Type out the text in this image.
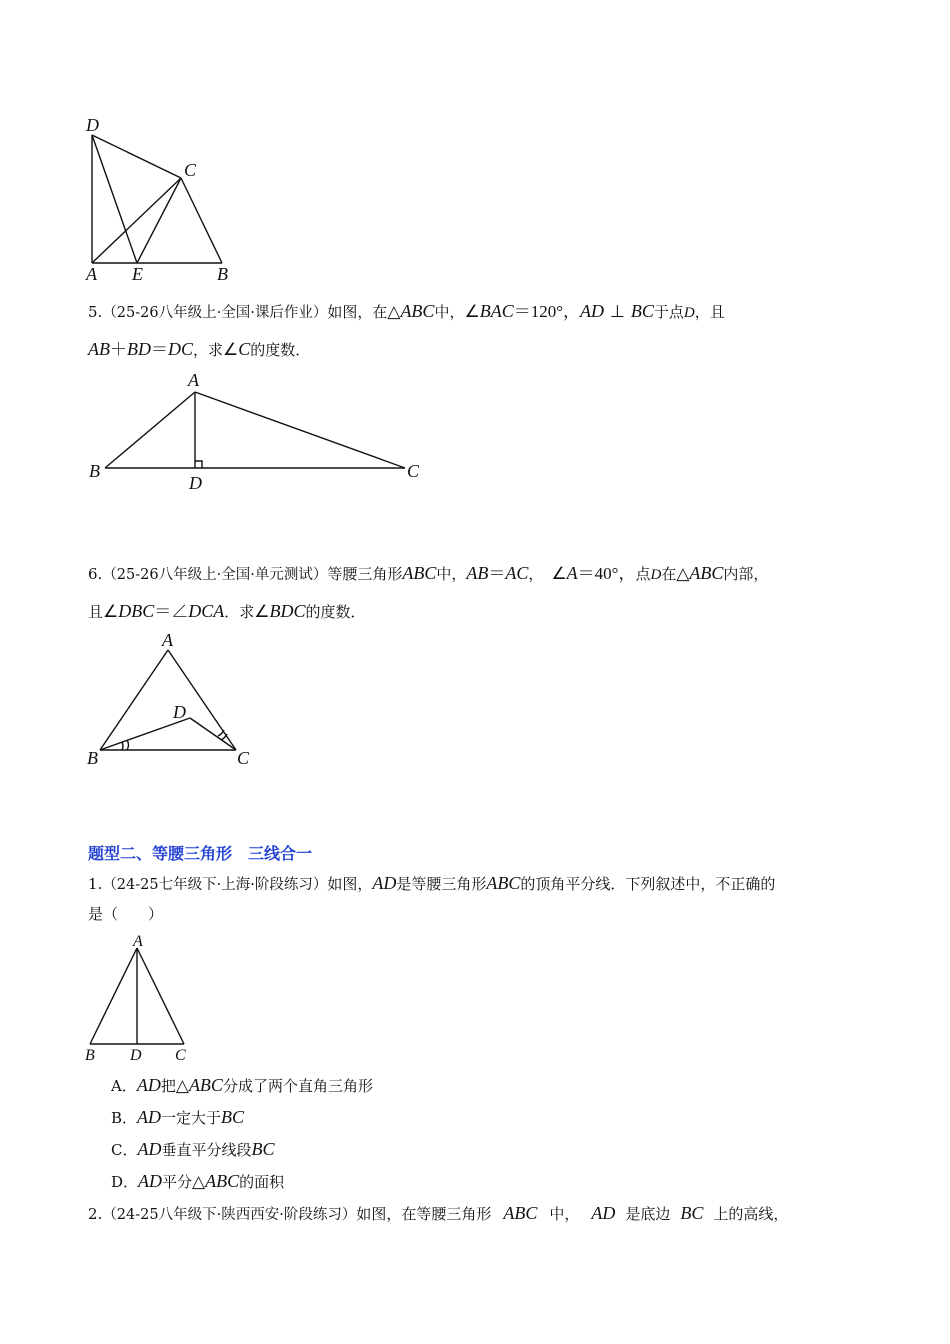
D
C
A E	B
5.（25-26八年级上·全国·课后作业）如图，在△ABC中，∠BAC＝120°，AD ⊥ BC于点D，且
AB＋BD＝DC，求∠C的度数．
A
B
D
C
6.（25-26八年级上·全国·单元测试）等腰三角形ABC中，AB＝AC， ∠A＝40°，点D在△ABC内部，
且∠DBC＝∠DCA．求∠BDC的度数．
A
D
B	C
题型二、等腰三角形　三线合一
1.（24-25七年级下·上海·阶段练习）如图，AD是等腰三角形ABC的顶角平分线．下列叙述中，不正确的
是（　　）
A
B D C
A．AD把△ABC分成了两个直角三角形
B．AD一定大于BC
C．AD垂直平分线段BC
D．AD平分△ABC的面积
2.（24-25八年级下·陕西西安·阶段练习）如图，在等腰三角形 ABC 中， AD 是底边 BC 上的高线，
